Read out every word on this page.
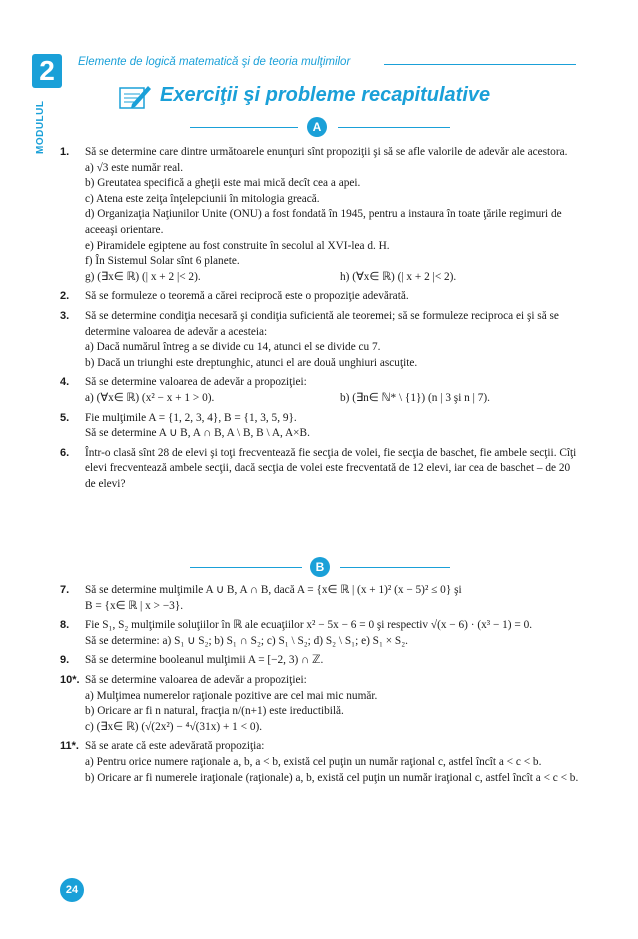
2
MODULUL
Elemente de logică matematică şi de teoria mulţimilor
Exerciţii şi probleme recapitulative
A
1. Să se determine care dintre următoarele enunţuri sînt propoziţii şi să se afle valorile de adevăr ale acestora.
a) √3 este număr real.
b) Greutatea specifică a gheţii este mai mică decît cea a apei.
c) Atena este zeiţa înţelepciunii în mitologia greacă.
d) Organizaţia Naţiunilor Unite (ONU) a fost fondată în 1945, pentru a instaura în toate ţările regimuri de aceeaşi orientare.
e) Piramidele egiptene au fost construite în secolul al XVI-lea d. H.
f) În Sistemul Solar sînt 6 planete.
g) (∃x∈ ℝ) (| x + 2 |< 2).	h) (∀x∈ ℝ) (| x + 2 |< 2).
2. Să se formuleze o teoremă a cărei reciprocă este o propoziţie adevărată.
3. Să se determine condiţia necesară şi condiţia suficientă ale teoremei; să se formuleze reciproca ei şi să se determine valoarea de adevăr a acesteia:
a) Dacă numărul întreg a se divide cu 14, atunci el se divide cu 7.
b) Dacă un triunghi este dreptunghic, atunci el are două unghiuri ascuţite.
4. Să se determine valoarea de adevăr a propoziţiei:
a) (∀x∈ ℝ) (x² − x + 1 > 0).	b) (∃n∈ ℕ* \ {1}) (n | 3 şi n | 7).
5. Fie mulţimile A = {1, 2, 3, 4}, B = {1, 3, 5, 9}.
Să se determine A ∪ B, A ∩ B, A \ B, B \ A, A×B.
6. Într-o clasă sînt 28 de elevi şi toţi frecventează fie secţia de volei, fie secţia de baschet, fie ambele secţii. Cîţi elevi frecventează ambele secţii, dacă secţia de volei este frecventată de 12 elevi, iar cea de baschet – de 20 de elevi?
B
7. Să se determine mulţimile A ∪ B, A ∩ B, dacă A = {x∈ ℝ | (x + 1)² (x − 5)² ≤ 0} şi
B = {x∈ ℝ | x > −3}.
8. Fie S₁, S₂ mulţimile soluţiilor în ℝ ale ecuaţiilor x² − 5x − 6 = 0 şi respectiv √(x − 6) · (x³ − 1) = 0.
Să se determine: a) S₁ ∪ S₂; b) S₁ ∩ S₂; c) S₁ \ S₂; d) S₂ \ S₁; e) S₁ × S₂.
9. Să se determine booleanul mulţimii A = [−2, 3) ∩ ℤ.
10*. Să se determine valoarea de adevăr a propoziţiei:
a) Mulţimea numerelor raţionale pozitive are cel mai mic număr.
b) Oricare ar fi n natural, fracţia n/(n+1) este ireductibilă.
c) (∃x∈ ℝ) (√(2x²) − ⁴√(31x) + 1 < 0).
11*. Să se arate că este adevărată propoziţia:
a) Pentru orice numere raţionale a, b, a < b, există cel puţin un număr raţional c, astfel încît a < c < b.
b) Oricare ar fi numerele iraţionale (raţionale) a, b, există cel puţin un număr iraţional c, astfel încît a < c < b.
24
